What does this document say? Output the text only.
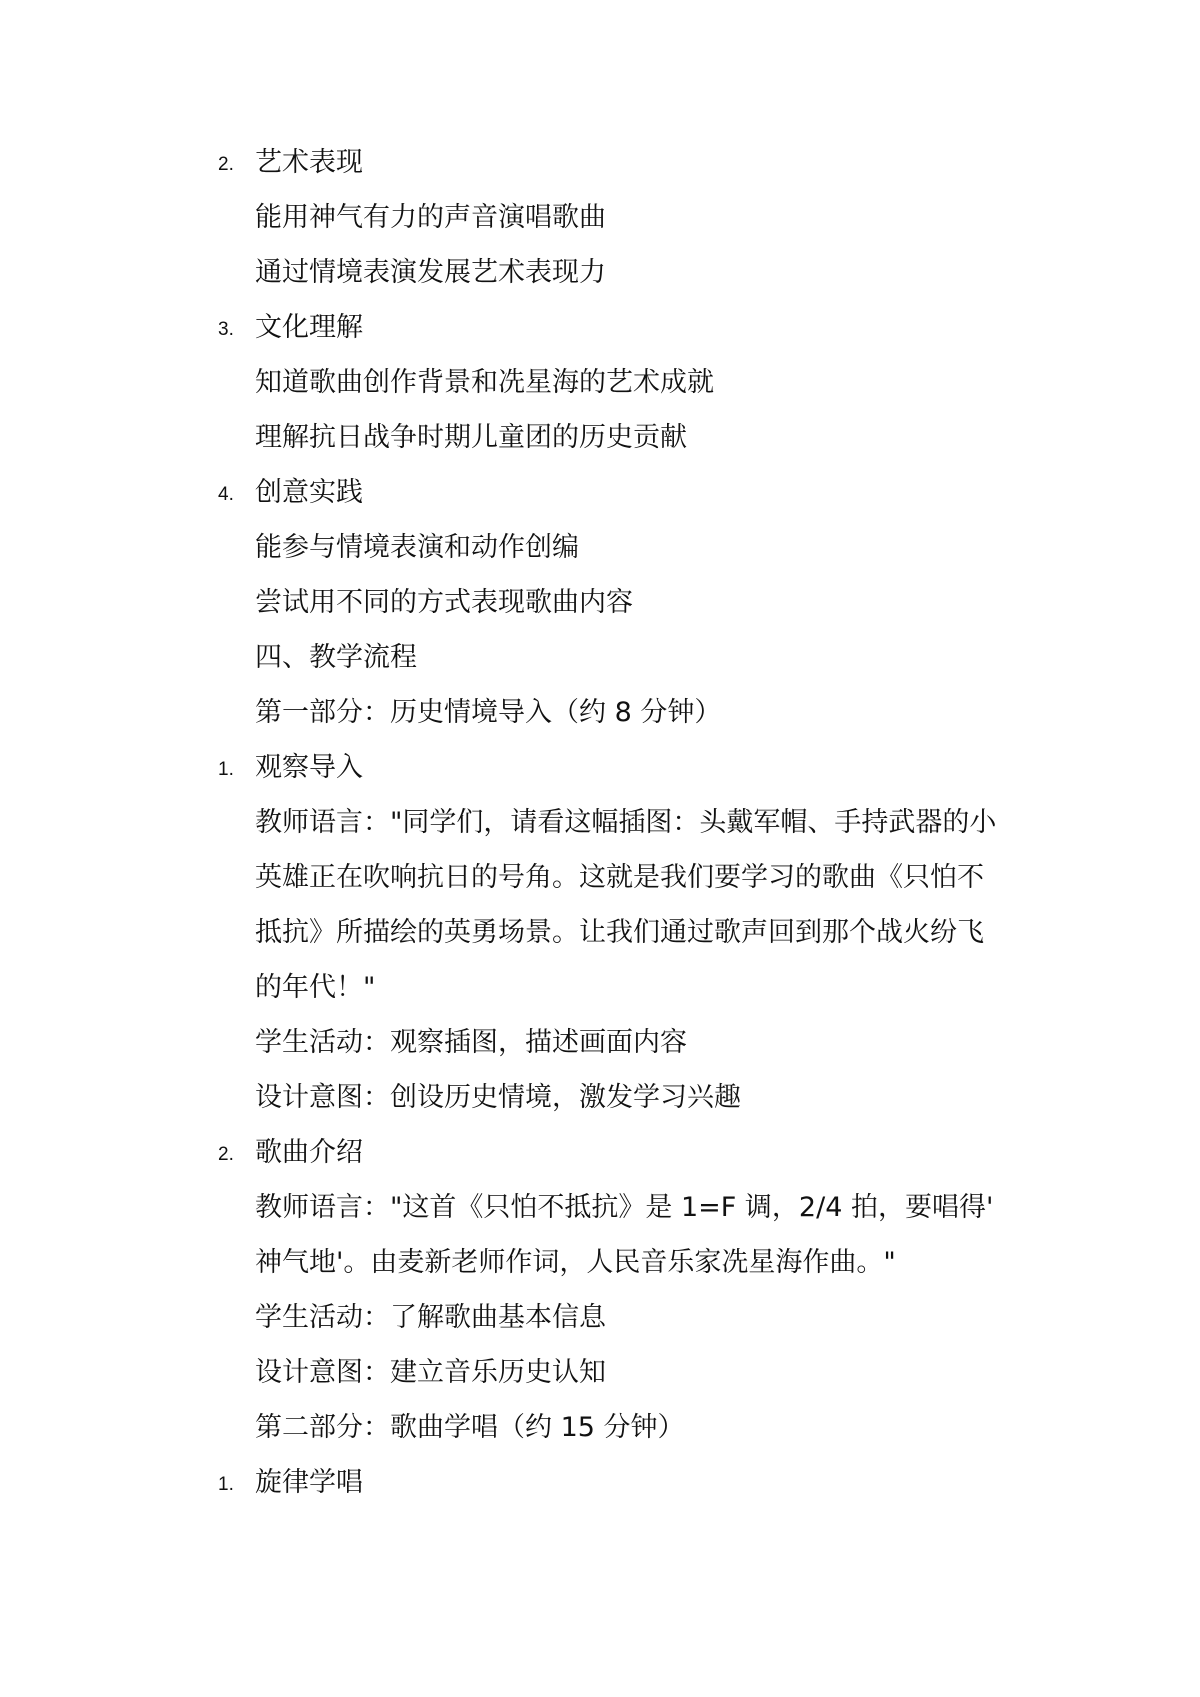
2. 艺术表现
能用神气有力的声音演唱歌曲
通过情境表演发展艺术表现力
3. 文化理解
知道歌曲创作背景和冼星海的艺术成就
理解抗日战争时期儿童团的历史贡献
4. 创意实践
能参与情境表演和动作创编
尝试用不同的方式表现歌曲内容
四、教学流程
第一部分：历史情境导入（约 8 分钟）
1. 观察导入
教师语言："同学们，请看这幅插图：头戴军帽、手持武器的小
英雄正在吹响抗日的号角。这就是我们要学习的歌曲《只怕不
抵抗》所描绘的英勇场景。让我们通过歌声回到那个战火纷飞
的年代！"
学生活动：观察插图，描述画面内容
设计意图：创设历史情境，激发学习兴趣
2. 歌曲介绍
教师语言："这首《只怕不抵抗》是 1=F 调，2/4 拍，要唱得'
神气地'。由麦新老师作词，人民音乐家冼星海作曲。"
学生活动：了解歌曲基本信息
设计意图：建立音乐历史认知
第二部分：歌曲学唱（约 15 分钟）
1. 旋律学唱
